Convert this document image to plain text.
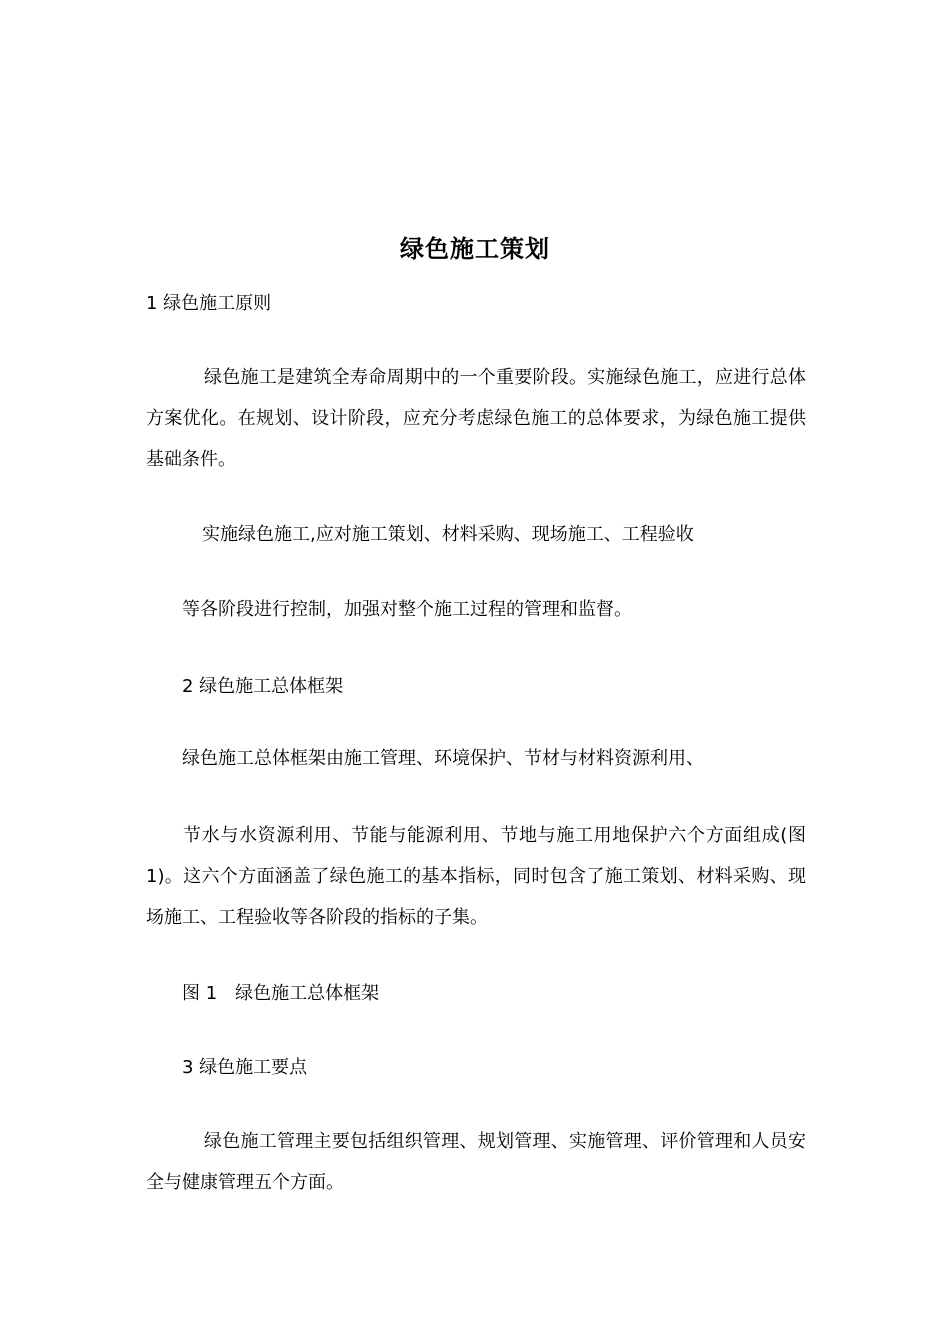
绿色施工策划
1 绿色施工原则
绿色施工是建筑全寿命周期中的一个重要阶段。实施绿色施工，应进行总体方案优化。在规划、设计阶段，应充分考虑绿色施工的总体要求，为绿色施工提供基础条件。
实施绿色施工,应对施工策划、材料采购、现场施工、工程验收
等各阶段进行控制，加强对整个施工过程的管理和监督。
2 绿色施工总体框架
绿色施工总体框架由施工管理、环境保护、节材与材料资源利用、
节水与水资源利用、节能与能源利用、节地与施工用地保护六个方面组成(图 1)。这六个方面涵盖了绿色施工的基本指标，同时包含了施工策划、材料采购、现场施工、工程验收等各阶段的指标的子集。
图 1　绿色施工总体框架
3 绿色施工要点
绿色施工管理主要包括组织管理、规划管理、实施管理、评价管理和人员安全与健康管理五个方面。
